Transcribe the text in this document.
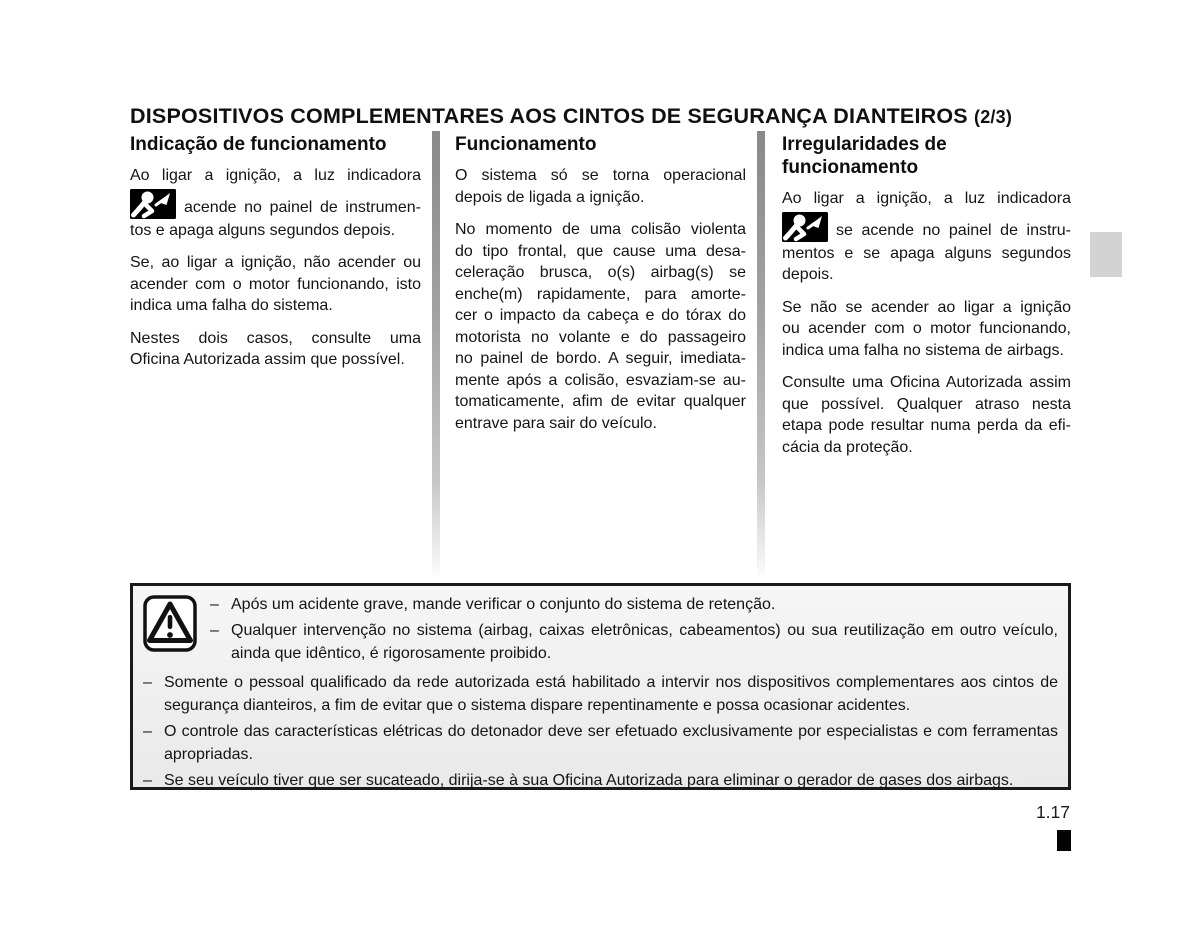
DISPOSITIVOS COMPLEMENTARES AOS CINTOS DE SEGURANÇA DIANTEIROS (2/3)
Indicação de funcionamento
Ao ligar a ignição, a luz indicadora
acende no painel de instrumen-
tos e apaga alguns segundos depois.
Se, ao ligar a ignição, não acender ou
acender com o motor funcionando, isto
indica uma falha do sistema.
Nestes dois casos, consulte uma
Oficina Autorizada assim que possível.
Funcionamento
O sistema só se torna operacional
depois de ligada a ignição.
No momento de uma colisão violenta
do tipo frontal, que cause uma desa-
celeração brusca, o(s) airbag(s) se
enche(m) rapidamente, para amorte-
cer o impacto da cabeça e do tórax do
motorista no volante e do passageiro
no painel de bordo. A seguir, imediata-
mente após a colisão, esvaziam-se au-
tomaticamente, afim de evitar qualquer
entrave para sair do veículo.
Irregularidades de funcionamento
Ao ligar a ignição, a luz indicadora
se acende no painel de instru-
mentos e se apaga alguns segundos
depois.
Se não se acender ao ligar a ignição
ou acender com o motor funcionando,
indica uma falha no sistema de airbags.
Consulte uma Oficina Autorizada assim
que possível. Qualquer atraso nesta
etapa pode resultar numa perda da efi-
cácia da proteção.
– Após um acidente grave, mande verificar o conjunto do sistema de retenção.
– Qualquer intervenção no sistema (airbag, caixas eletrônicas, cabeamentos) ou sua reutilização em outro veículo, ainda que idêntico, é rigorosamente proibido.
– Somente o pessoal qualificado da rede autorizada está habilitado a intervir nos dispositivos complementares aos cintos de segurança dianteiros, a fim de evitar que o sistema dispare repentinamente e possa ocasionar acidentes.
– O controle das características elétricas do detonador deve ser efetuado exclusivamente por especialistas e com ferramentas apropriadas.
– Se seu veículo tiver que ser sucateado, dirija-se à sua Oficina Autorizada para eliminar o gerador de gases dos airbags.
1.17
